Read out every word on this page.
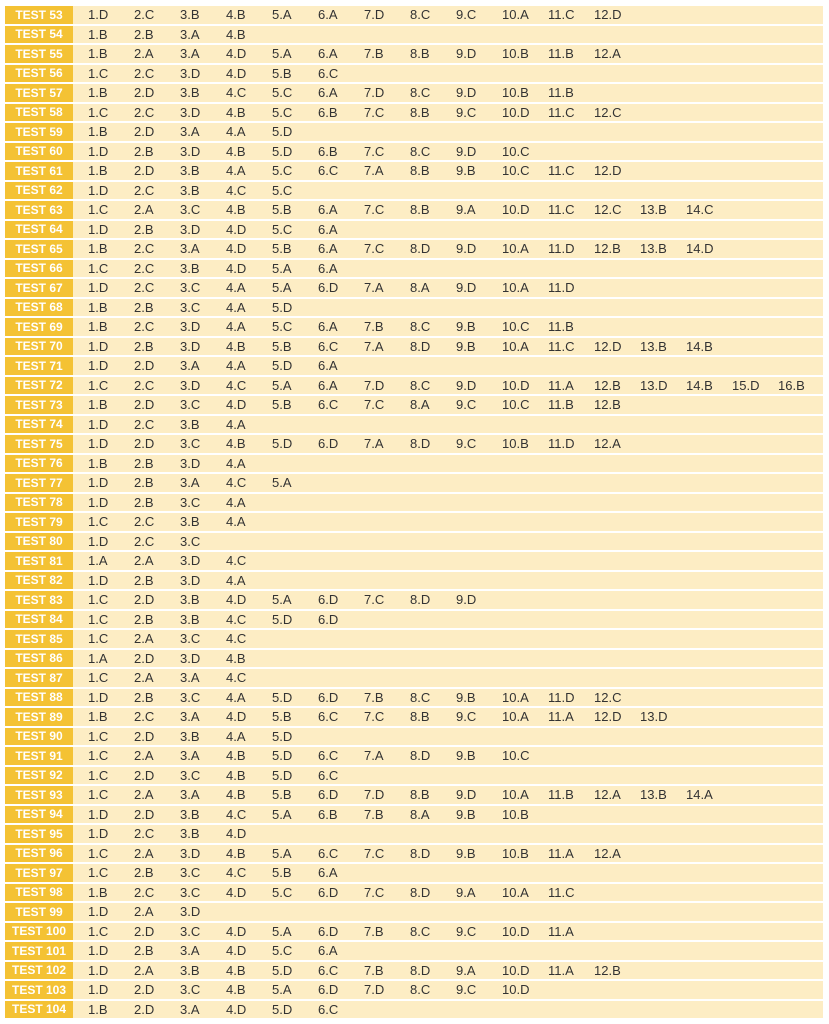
TEST 53	1.D	2.C	3.B	4.B	5.A	6.A	7.D	8.C	9.C	10.A	11.C	12.D
TEST 54	1.B	2.B	3.A	4.B
TEST 55	1.B	2.A	3.A	4.D	5.A	6.A	7.B	8.B	9.D	10.B	11.B	12.A
TEST 56	1.C	2.C	3.D	4.D	5.B	6.C
TEST 57	1.B	2.D	3.B	4.C	5.C	6.A	7.D	8.C	9.D	10.B	11.B
TEST 58	1.C	2.C	3.D	4.B	5.C	6.B	7.C	8.B	9.C	10.D	11.C	12.C
TEST 59	1.B	2.D	3.A	4.A	5.D
TEST 60	1.D	2.B	3.D	4.B	5.D	6.B	7.C	8.C	9.D	10.C
TEST 61	1.B	2.D	3.B	4.A	5.C	6.C	7.A	8.B	9.B	10.C	11.C	12.D
TEST 62	1.D	2.C	3.B	4.C	5.C
TEST 63	1.C	2.A	3.C	4.B	5.B	6.A	7.C	8.B	9.A	10.D	11.C	12.C	13.B	14.C
TEST 64	1.D	2.B	3.D	4.D	5.C	6.A
TEST 65	1.B	2.C	3.A	4.D	5.B	6.A	7.C	8.D	9.D	10.A	11.D	12.B	13.B	14.D
TEST 66	1.C	2.C	3.B	4.D	5.A	6.A
TEST 67	1.D	2.C	3.C	4.A	5.A	6.D	7.A	8.A	9.D	10.A	11.D
TEST 68	1.B	2.B	3.C	4.A	5.D
TEST 69	1.B	2.C	3.D	4.A	5.C	6.A	7.B	8.C	9.B	10.C	11.B
TEST 70	1.D	2.B	3.D	4.B	5.B	6.C	7.A	8.D	9.B	10.A	11.C	12.D	13.B	14.B
TEST 71	1.D	2.D	3.A	4.A	5.D	6.A
TEST 72	1.C	2.C	3.D	4.C	5.A	6.A	7.D	8.C	9.D	10.D	11.A	12.B	13.D	14.B	15.D	16.B
TEST 73	1.B	2.D	3.C	4.D	5.B	6.C	7.C	8.A	9.C	10.C	11.B	12.B
TEST 74	1.D	2.C	3.B	4.A
TEST 75	1.D	2.D	3.C	4.B	5.D	6.D	7.A	8.D	9.C	10.B	11.D	12.A
TEST 76	1.B	2.B	3.D	4.A
TEST 77	1.D	2.B	3.A	4.C	5.A
TEST 78	1.D	2.B	3.C	4.A
TEST 79	1.C	2.C	3.B	4.A
TEST 80	1.D	2.C	3.C
TEST 81	1.A	2.A	3.D	4.C
TEST 82	1.D	2.B	3.D	4.A
TEST 83	1.C	2.D	3.B	4.D	5.A	6.D	7.C	8.D	9.D
TEST 84	1.C	2.B	3.B	4.C	5.D	6.D
TEST 85	1.C	2.A	3.C	4.C
TEST 86	1.A	2.D	3.D	4.B
TEST 87	1.C	2.A	3.A	4.C
TEST 88	1.D	2.B	3.C	4.A	5.D	6.D	7.B	8.C	9.B	10.A	11.D	12.C
TEST 89	1.B	2.C	3.A	4.D	5.B	6.C	7.C	8.B	9.C	10.A	11.A	12.D	13.D
TEST 90	1.C	2.D	3.B	4.A	5.D
TEST 91	1.C	2.A	3.A	4.B	5.D	6.C	7.A	8.D	9.B	10.C
TEST 92	1.C	2.D	3.C	4.B	5.D	6.C
TEST 93	1.C	2.A	3.A	4.B	5.B	6.D	7.D	8.B	9.D	10.A	11.B	12.A	13.B	14.A
TEST 94	1.D	2.D	3.B	4.C	5.A	6.B	7.B	8.A	9.B	10.B
TEST 95	1.D	2.C	3.B	4.D
TEST 96	1.C	2.A	3.D	4.B	5.A	6.C	7.C	8.D	9.B	10.B	11.A	12.A
TEST 97	1.C	2.B	3.C	4.C	5.B	6.A
TEST 98	1.B	2.C	3.C	4.D	5.C	6.D	7.C	8.D	9.A	10.A	11.C
TEST 99	1.D	2.A	3.D
TEST 100	1.C	2.D	3.C	4.D	5.A	6.D	7.B	8.C	9.C	10.D	11.A
TEST 101	1.D	2.B	3.A	4.D	5.C	6.A
TEST 102	1.D	2.A	3.B	4.B	5.D	6.C	7.B	8.D	9.A	10.D	11.A	12.B
TEST 103	1.D	2.D	3.C	4.B	5.A	6.D	7.D	8.C	9.C	10.D
TEST 104	1.B	2.D	3.A	4.D	5.D	6.C
